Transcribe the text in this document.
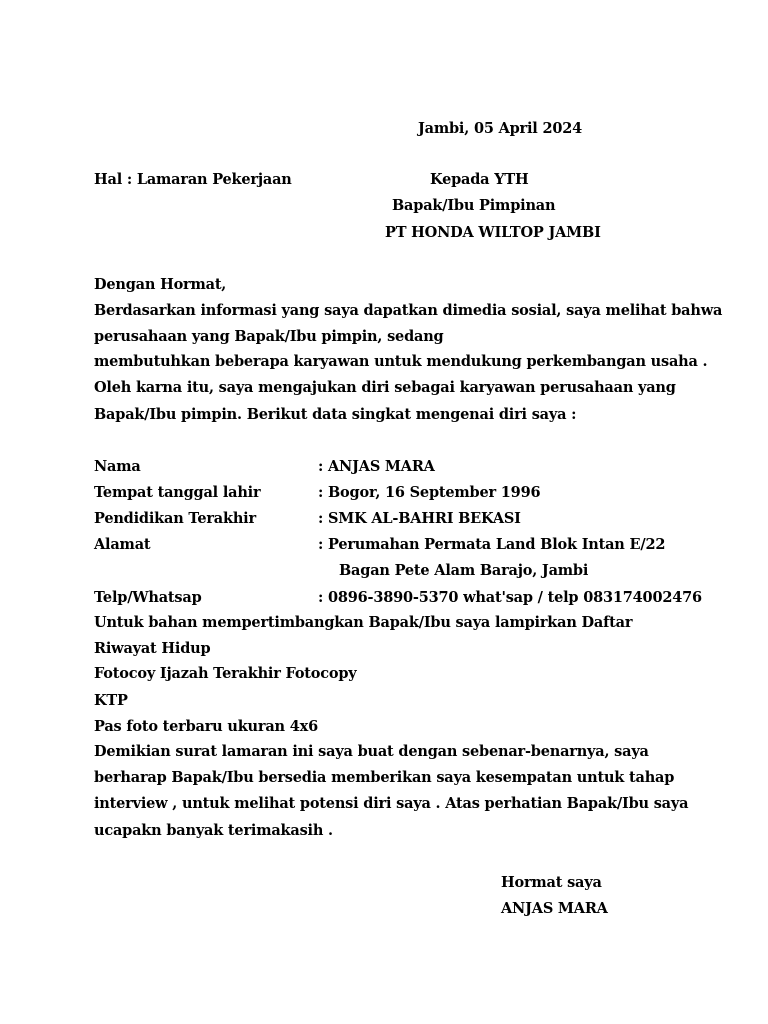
Jambi, 05 April 2024
Hal : Lamaran Pekerjaan	Kepada YTH
Bapak/Ibu Pimpinan
PT HONDA WILTOP JAMBI
Dengan Hormat,
Berdasarkan informasi yang saya dapatkan dimedia sosial, saya melihat bahwa
perusahaan yang Bapak/Ibu pimpin, sedang
membutuhkan beberapa karyawan untuk mendukung perkembangan usaha .
Oleh karna itu, saya mengajukan diri sebagai karyawan perusahaan yang
Bapak/Ibu pimpin. Berikut data singkat mengenai diri saya :
Nama	: ANJAS MARA
Tempat tanggal lahir	: Bogor, 16 September 1996
Pendidikan Terakhir	: SMK AL-BAHRI BEKASI
Alamat	: Perumahan Permata Land Blok Intan E/22
Bagan Pete Alam Barajo, Jambi
Telp/Whatsap	: 0896-3890-5370 what'sap / telp 083174002476
Untuk bahan mempertimbangkan Bapak/Ibu saya lampirkan Daftar
Riwayat Hidup
Fotocoy Ijazah Terakhir Fotocopy
KTP
Pas foto terbaru ukuran 4x6
Demikian surat lamaran ini saya buat dengan sebenar-benarnya, saya
berharap Bapak/Ibu bersedia memberikan saya kesempatan untuk tahap
interview , untuk melihat potensi diri saya . Atas perhatian Bapak/Ibu saya
ucapakn banyak terimakasih .
Hormat saya
ANJAS MARA
